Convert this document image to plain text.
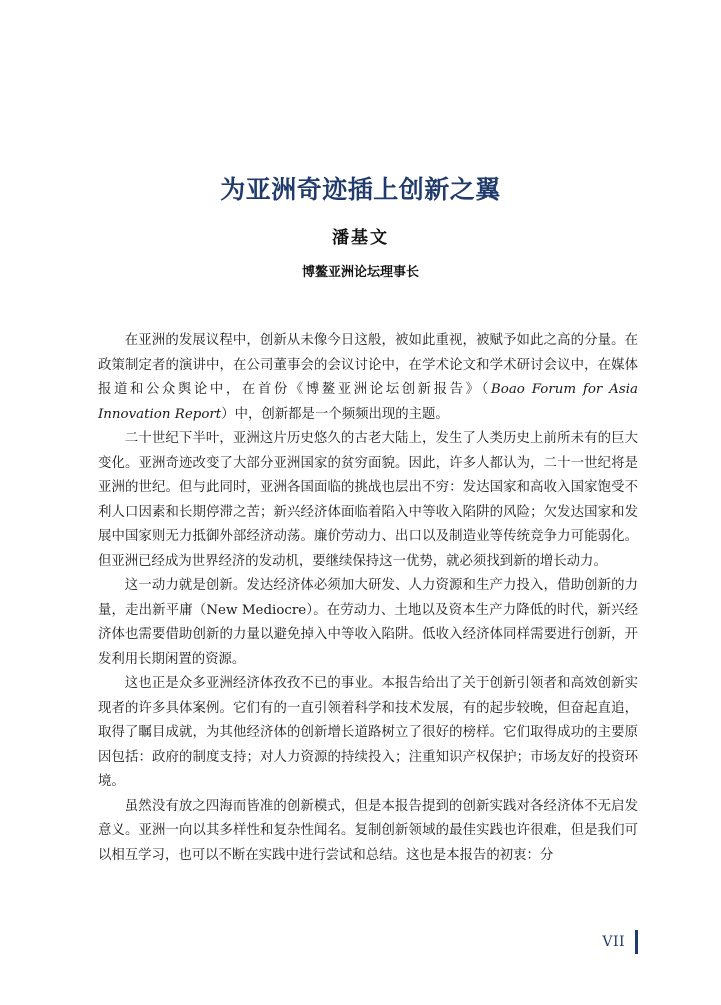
为亚洲奇迹插上创新之翼
潘基文
博鳌亚洲论坛理事长

在亚洲的发展议程中，创新从未像今日这般，被如此重视，被赋予如此之高的分量。在政策制定者的演讲中，在公司董事会的会议讨论中，在学术论文和学术研讨会议中，在媒体报道和公众舆论中，在首份《博鳌亚洲论坛创新报告》（Boao Forum for Asia Innovation Report）中，创新都是一个频频出现的主题。

二十世纪下半叶，亚洲这片历史悠久的古老大陆上，发生了人类历史上前所未有的巨大变化。亚洲奇迹改变了大部分亚洲国家的贫穷面貌。因此，许多人都认为，二十一世纪将是亚洲的世纪。但与此同时，亚洲各国面临的挑战也层出不穷：发达国家和高收入国家饱受不利人口因素和长期停滞之苦；新兴经济体面临着陷入中等收入陷阱的风险；欠发达国家和发展中国家则无力抵御外部经济动荡。廉价劳动力、出口以及制造业等传统竞争力可能弱化。但亚洲已经成为世界经济的发动机，要继续保持这一优势，就必须找到新的增长动力。

这一动力就是创新。发达经济体必须加大研发、人力资源和生产力投入，借助创新的力量，走出新平庸（New Mediocre）。在劳动力、土地以及资本生产力降低的时代，新兴经济体也需要借助创新的力量以避免掉入中等收入陷阱。低收入经济体同样需要进行创新，开发利用长期闲置的资源。

这也正是众多亚洲经济体孜孜不已的事业。本报告给出了关于创新引领者和高效创新实现者的许多具体案例。它们有的一直引领着科学和技术发展，有的起步较晚，但奋起直追，取得了瞩目成就，为其他经济体的创新增长道路树立了很好的榜样。它们取得成功的主要原因包括：政府的制度支持；对人力资源的持续投入；注重知识产权保护；市场友好的投资环境。

虽然没有放之四海而皆准的创新模式，但是本报告提到的创新实践对各经济体不无启发意义。亚洲一向以其多样性和复杂性闻名。复制创新领域的最佳实践也许很难，但是我们可以相互学习，也可以不断在实践中进行尝试和总结。这也是本报告的初衷：分

VII
